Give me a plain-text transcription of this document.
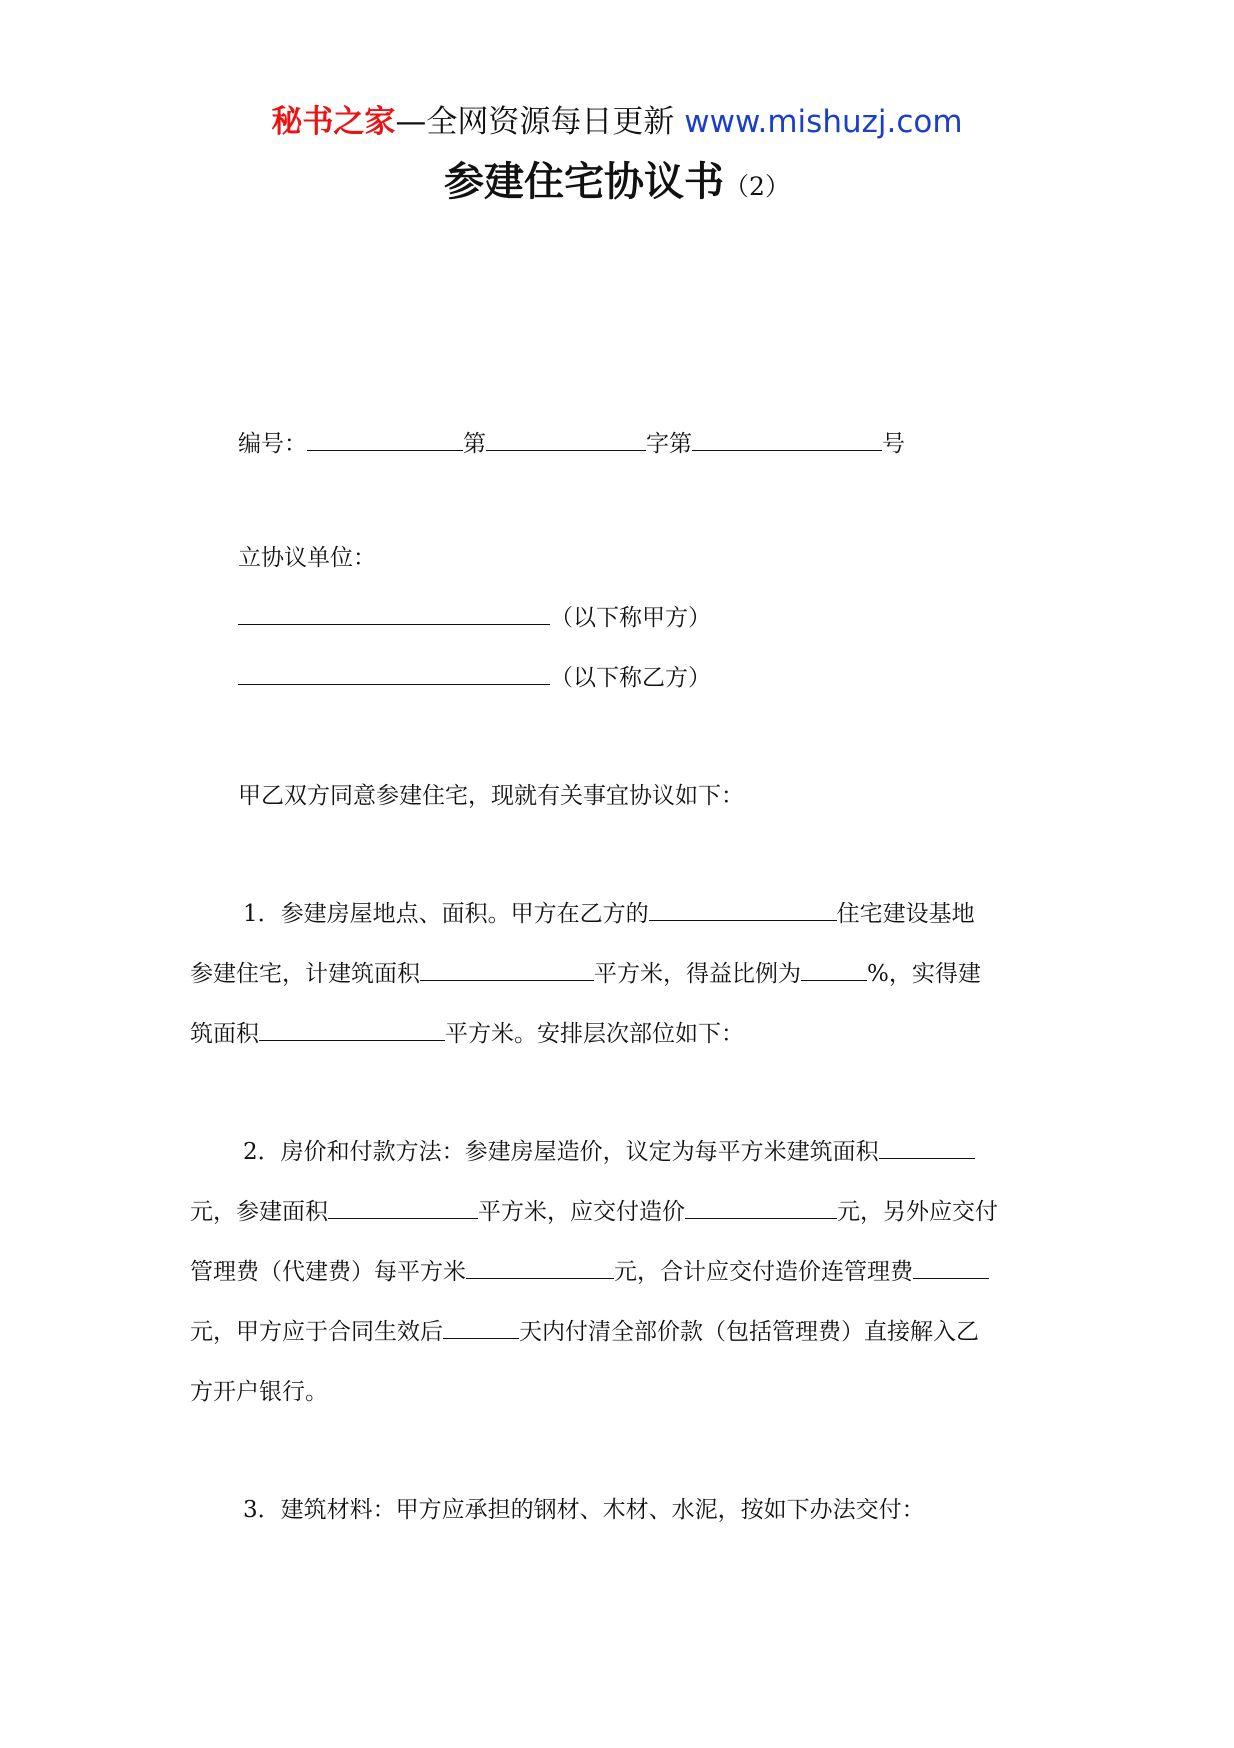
秘书之家—全网资源每日更新 www.mishuzj.com
参建住宅协议书（2）
编号：	第	字第	号
立协议单位：
（以下称甲方）
（以下称乙方）
甲乙双方同意参建住宅，现就有关事宜协议如下：
1．参建房屋地点、面积。甲方在乙方的	住宅建设基地
参建住宅，计建筑面积	平方米，得益比例为	%，实得建
筑面积	平方米。安排层次部位如下：
2．房价和付款方法：参建房屋造价，议定为每平方米建筑面积
元，参建面积	平方米，应交付造价	元，另外应交付
管理费（代建费）每平方米	元，合计应交付造价连管理费
元，甲方应于合同生效后	天内付清全部价款（包括管理费）直接解入乙
方开户银行。
3．建筑材料：甲方应承担的钢材、木材、水泥，按如下办法交付：
